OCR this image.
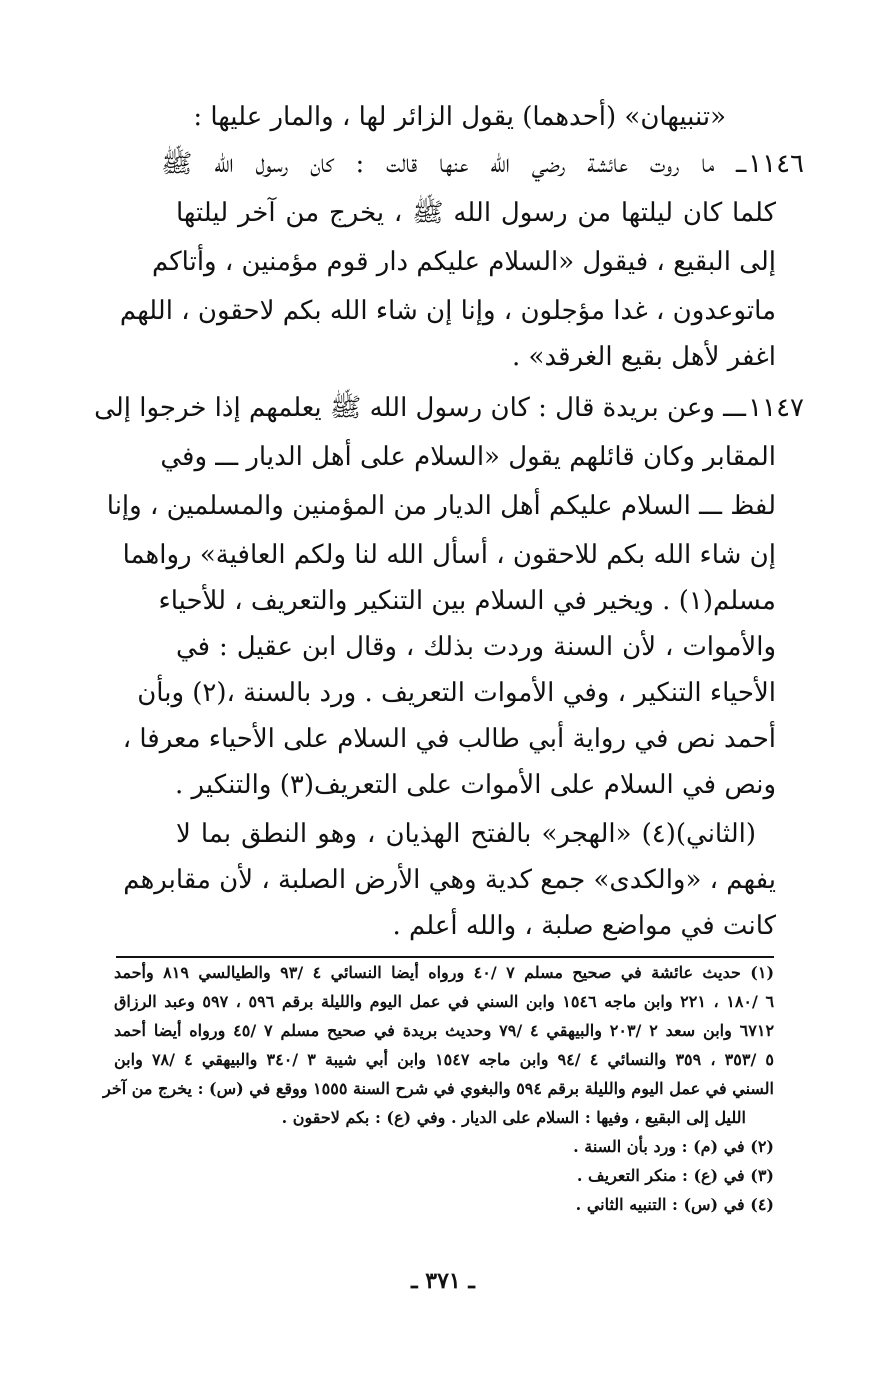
«تنبيهان» (أحدهما) يقول الزائر لها ، والمار عليها :
١١٤٦
ـــ ما روت عائشة رضي الله عنها قالت : كان رسول الله ﷺ
كلما كان ليلتها من رسول الله ﷺ ، يخرج من آخر ليلتها
إلى البقيع ، فيقول «السلام عليكم دار قوم مؤمنين ، وأتاكم
ماتوعدون ، غدا مؤجلون ، وإنا إن شاء الله بكم لاحقون ، اللهم
اغفر لأهل بقيع الغرقد» .
١١٤٧
ـــ وعن بريدة قال : كان رسول الله ﷺ يعلمهم إذا خرجوا إلى
المقابر وكان قائلهم يقول «السلام على أهل الديار ـــ وفي
لفظ ـــ السلام عليكم أهل الديار من المؤمنين والمسلمين ، وإنا
إن شاء الله بكم للاحقون ، أسأل الله لنا ولكم العافية» رواهما
مسلم(١) . ويخير في السلام بين التنكير والتعريف ، للأحياء
والأموات ، لأن السنة وردت بذلك ، وقال ابن عقيل : في
الأحياء التنكير ، وفي الأموات التعريف . ورد بالسنة ،(٢) وبأن
أحمد نص في رواية أبي طالب في السلام على الأحياء معرفا ،
ونص في السلام على الأموات على التعريف(٣) والتنكير .
(الثاني)(٤) «الهجر» بالفتح الهذيان ، وهو النطق بما لا
يفهم ، «والكدى» جمع كدية وهي الأرض الصلبة ، لأن مقابرهم
كانت في مواضع صلبة ، والله أعلم .
(١) حديث عائشة في صحيح مسلم ٧ /٤٠ ورواه أيضا النسائي ٤ /٩٣ والطيالسي ٨١٩ وأحمد
٦ /١٨٠ ، ٢٢١ وابن ماجه ١٥٤٦ وابن السني في عمل اليوم والليلة برقم ٥٩٦ ، ٥٩٧ وعبد الرزاق
٦٧١٢ وابن سعد ٢ /٢٠٣ والبيهقي ٤ /٧٩ وحديث بريدة في صحيح مسلم ٧ /٤٥ ورواه أيضا أحمد
٥ /٣٥٣ ، ٣٥٩ والنسائي ٤ /٩٤ وابن ماجه ١٥٤٧ وابن أبي شيبة ٣ /٣٤٠ والبيهقي ٤ /٧٨ وابن
السني في عمل اليوم والليلة برقم ٥٩٤ والبغوي في شرح السنة ١٥٥٥ ووقع في (س) : يخرج من آخر
الليل إلى البقيع ، وفيها : السلام على الديار . وفي (ع) : بكم لاحقون .
(٢) في (م) : ورد بأن السنة .
(٣) في (ع) : منكر التعريف .
(٤) في (س) : التنبيه الثاني .
ـ ٣٧١ ـ
